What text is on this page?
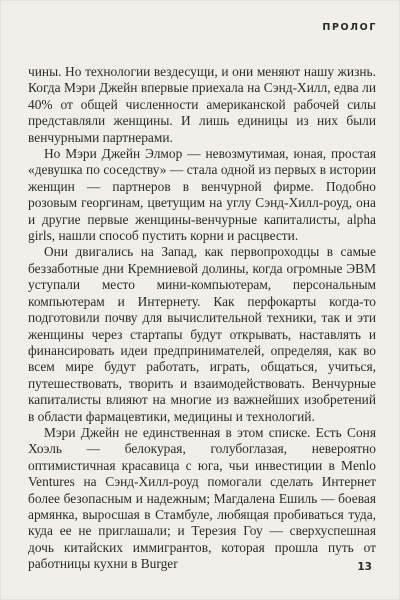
ПРОЛОГ

чины. Но технологии вездесущи, и они меняют нашу жизнь. Когда Мэри Джейн впервые приехала на Сэнд-Хилл, едва ли 40% от общей численности американской рабочей силы представляли женщины. И лишь единицы из них были венчурными партнерами.

Но Мэри Джейн Элмор — невозмутимая, юная, простая «девушка по соседству» — стала одной из первых в истории женщин — партнеров в венчурной фирме. Подобно розовым георгинам, цветущим на углу Сэнд-Хилл-роуд, она и другие первые женщины-венчурные капиталисты, alpha girls, нашли способ пустить корни и расцвести.

Они двигались на Запад, как первопроходцы в самые беззаботные дни Кремниевой долины, когда огромные ЭВМ уступали место мини-компьютерам, персональным компьютерам и Интернету. Как перфокарты когда-то подготовили почву для вычислительной техники, так и эти женщины через стартапы будут открывать, наставлять и финансировать идеи предпринимателей, определяя, как во всем мире будут работать, играть, общаться, учиться, путешествовать, творить и взаимодействовать. Венчурные капиталисты влияют на многие из важнейших изобретений в области фармацевтики, медицины и технологий.

Мэри Джейн не единственная в этом списке. Есть Соня Хоэль — белокурая, голубоглазая, невероятно оптимистичная красавица с юга, чьи инвестиции в Menlo Ventures на Сэнд-Хилл-роуд помогали сделать Интернет более безопасным и надежным; Магдалена Ешиль — боевая армянка, выросшая в Стамбуле, любящая пробиваться туда, куда ее не приглашали; и Терезия Гоу — сверхуспешная дочь китайских иммигрантов, которая прошла путь от работницы кухни в Burger	13
